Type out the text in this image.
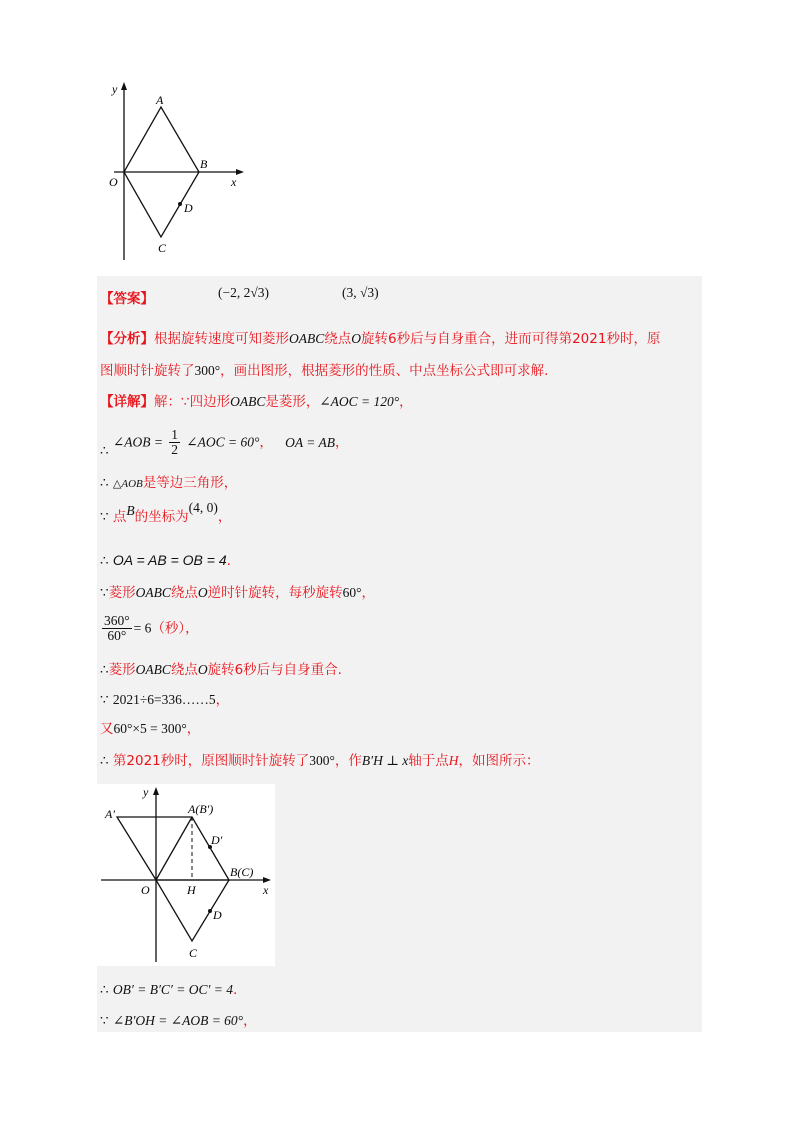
y
x
O
A
B
C
D
【答案】	(−2, 2√3)	(3, √3)
【分析】根据旋转速度可知菱形OABC绕点O旋转6秒后与自身重合，进而可得第2021秒时，原
图顺时针旋转了300°，画出图形，根据菱形的性质、中点坐标公式即可求解.
【详解】解：∵四边形OABC是菱形，∠AOC = 120°，
∴ ∠AOB = $\frac{1}{2}$ ∠AOC = 60°， OA = AB，
∴ △AOB是等边三角形，
∵ 点B的坐标为(4, 0)，
∴ OA = AB = OB = 4.
∵菱形OABC绕点O逆时针旋转，每秒旋转60°，
$\frac{360^\circ}{60^\circ} = 6$（秒），
∴菱形OABC绕点O旋转6秒后与自身重合.
∵ 2021÷6=336……5，
又60°×5 = 300°，
∴ 第2021秒时，原图顺时针旋转了300°，作B′H ⊥ x轴于点H，如图所示：
y
x
O
A′	A(B′)
D′
B(C)
H
C
D
∴ OB′ = B′C′ = OC′ = 4.
∵ ∠B′OH = ∠AOB = 60°，
